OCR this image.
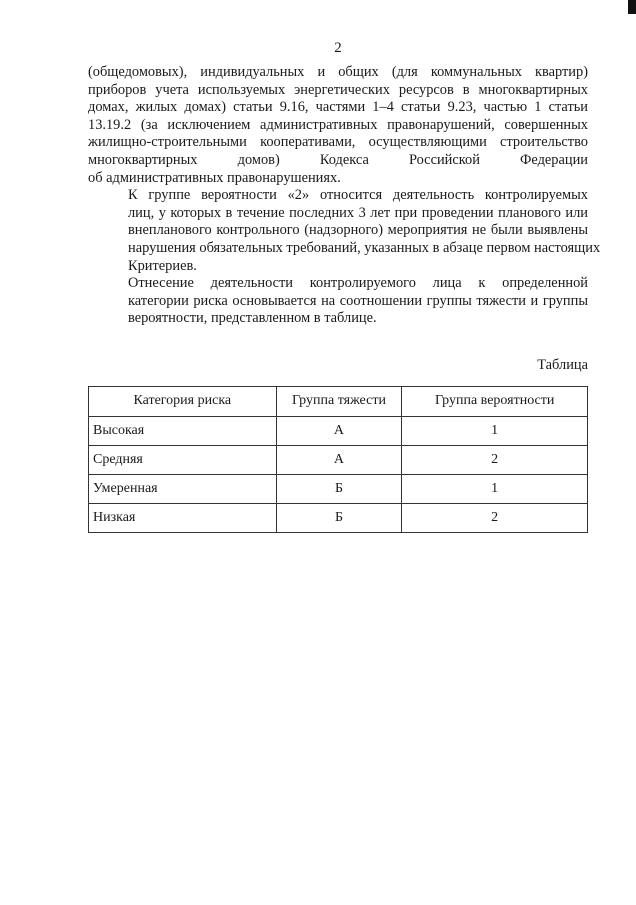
2

(общедомовых), индивидуальных и общих (для коммунальных квартир)
приборов учета используемых энергетических ресурсов в многоквартирных
домах, жилых домах) статьи 9.16, частями 1–4 статьи 9.23, частью 1 статьи
13.19.2 (за исключением административных правонарушений, совершенных
жилищно-строительными кооперативами, осуществляющими строительство
многоквартирных домов) Кодекса Российской Федерации
об административных правонарушениях.

К группе вероятности «2» относится деятельность контролируемых
лиц, у которых в течение последних 3 лет при проведении планового или
внепланового контрольного (надзорного) мероприятия не были выявлены
нарушения обязательных требований, указанных в абзаце первом настоящих
Критериев.

Отнесение деятельности контролируемого лица к определенной
категории риска основывается на соотношении группы тяжести и группы
вероятности, представленном в таблице.

Таблица
Категория риска	Группа тяжести	Группа вероятности
Высокая	А	1
Средняя	А	2
Умеренная	Б	1
Низкая	Б	2
